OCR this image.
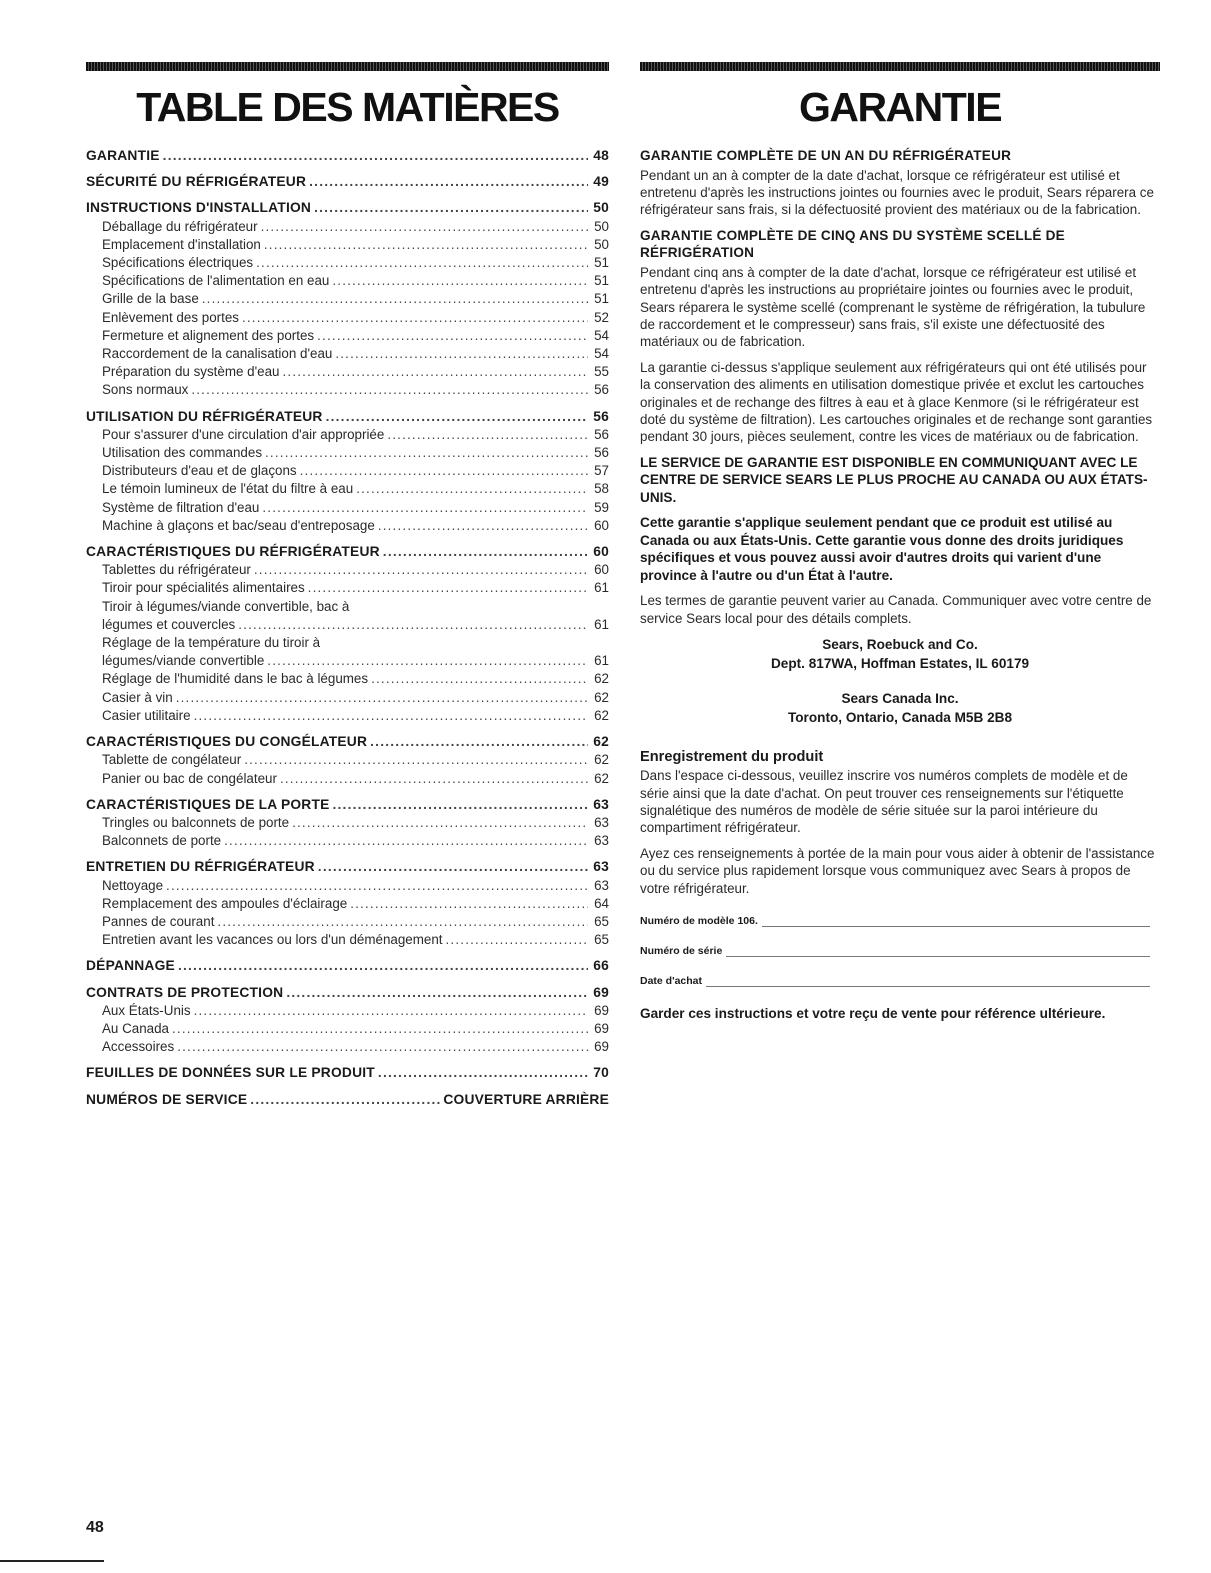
TABLE DES MATIÈRES
GARANTIE .....	48
SÉCURITÉ DU RÉFRIGÉRATEUR .....	49
INSTRUCTIONS D'INSTALLATION .....	50
Déballage du réfrigérateur .....	50
Emplacement d'installation .....	50
Spécifications électriques .....	51
Spécifications de l'alimentation en eau .....	51
Grille de la base .....	51
Enlèvement des portes .....	52
Fermeture et alignement des portes .....	54
Raccordement de la canalisation d'eau .....	54
Préparation du système d'eau .....	55
Sons normaux .....	56
UTILISATION DU RÉFRIGÉRATEUR .....	56
Pour s'assurer d'une circulation d'air appropriée .....	56
Utilisation des commandes .....	56
Distributeurs d'eau et de glaçons .....	57
Le témoin lumineux de l'état du filtre à eau .....	58
Système de filtration d'eau .....	59
Machine à glaçons et bac/seau d'entreposage .....	60
CARACTÉRISTIQUES DU RÉFRIGÉRATEUR .....	60
Tablettes du réfrigérateur .....	60
Tiroir pour spécialités alimentaires .....	61
Tiroir à légumes/viande convertible, bac à
légumes et couvercles .....	61
Réglage de la température du tiroir à
légumes/viande convertible .....	61
Réglage de l'humidité dans le bac à légumes .....	62
Casier à vin .....	62
Casier utilitaire .....	62
CARACTÉRISTIQUES DU CONGÉLATEUR .....	62
Tablette de congélateur .....	62
Panier ou bac de congélateur .....	62
CARACTÉRISTIQUES DE LA PORTE .....	63
Tringles ou balconnets de porte .....	63
Balconnets de porte .....	63
ENTRETIEN DU RÉFRIGÉRATEUR .....	63
Nettoyage .....	63
Remplacement des ampoules d'éclairage .....	64
Pannes de courant .....	65
Entretien avant les vacances ou lors d'un déménagement .....	65
DÉPANNAGE .....	66
CONTRATS DE PROTECTION .....	69
Aux États-Unis .....	69
Au Canada .....	69
Accessoires .....	69
FEUILLES DE DONNÉES SUR LE PRODUIT .....	70
NUMÉROS DE SERVICE .....	COUVERTURE ARRIÈRE
GARANTIE

GARANTIE COMPLÈTE DE UN AN DU RÉFRIGÉRATEUR

Pendant un an à compter de la date d'achat, lorsque ce réfrigérateur est utilisé et entretenu d'après les instructions jointes ou fournies avec le produit, Sears réparera ce réfrigérateur sans frais, si la défectuosité provient des matériaux ou de la fabrication.

GARANTIE COMPLÈTE DE CINQ ANS DU SYSTÈME SCELLÉ DE RÉFRIGÉRATION

Pendant cinq ans à compter de la date d'achat, lorsque ce réfrigérateur est utilisé et entretenu d'après les instructions au propriétaire jointes ou fournies avec le produit, Sears réparera le système scellé (comprenant le système de réfrigération, la tubulure de raccordement et le compresseur) sans frais, s'il existe une défectuosité des matériaux ou de fabrication.

La garantie ci-dessus s'applique seulement aux réfrigérateurs qui ont été utilisés pour la conservation des aliments en utilisation domestique privée et exclut les cartouches originales et de rechange des filtres à eau et à glace Kenmore (si le réfrigérateur est doté du système de filtration). Les cartouches originales et de rechange sont garanties pendant 30 jours, pièces seulement, contre les vices de matériaux ou de fabrication.

LE SERVICE DE GARANTIE EST DISPONIBLE EN COMMUNIQUANT AVEC LE CENTRE DE SERVICE SEARS LE PLUS PROCHE AU CANADA OU AUX ÉTATS-UNIS.

Cette garantie s'applique seulement pendant que ce produit est utilisé au Canada ou aux États-Unis. Cette garantie vous donne des droits juridiques spécifiques et vous pouvez aussi avoir d'autres droits qui varient d'une province à l'autre ou d'un État à l'autre.

Les termes de garantie peuvent varier au Canada. Communiquer avec votre centre de service Sears local pour des détails complets.

Sears, Roebuck and Co.

Dept. 817WA, Hoffman Estates, IL 60179

Sears Canada Inc.

Toronto, Ontario, Canada M5B 2B8

Enregistrement du produit

Dans l'espace ci-dessous, veuillez inscrire vos numéros complets de modèle et de série ainsi que la date d'achat. On peut trouver ces renseignements sur l'étiquette signalétique des numéros de modèle de série située sur la paroi intérieure du compartiment réfrigérateur.

Ayez ces renseignements à portée de la main pour vous aider à obtenir de l'assistance ou du service plus rapidement lorsque vous communiquez avec Sears à propos de votre réfrigérateur.

Numéro de modèle 106.
Numéro de série
Date d'achat

Garder ces instructions et votre reçu de vente pour référence ultérieure.

48
